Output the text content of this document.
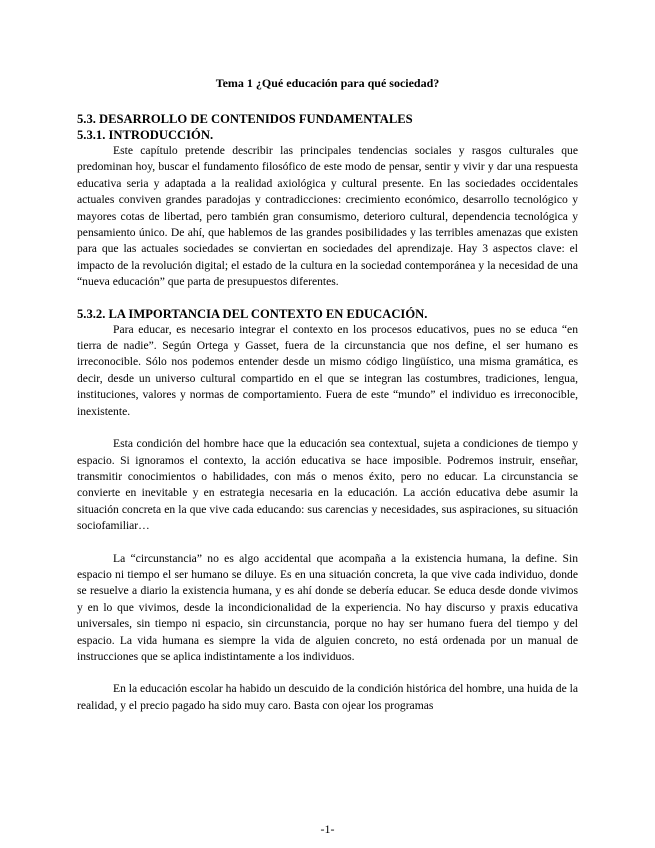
Tema 1 ¿Qué educación para qué sociedad?
5.3. DESARROLLO DE CONTENIDOS FUNDAMENTALES
5.3.1. INTRODUCCIÓN.

Este capítulo pretende describir las principales tendencias sociales y rasgos culturales que predominan hoy, buscar el fundamento filosófico de este modo de pensar, sentir y vivir y dar una respuesta educativa seria y adaptada a la realidad axiológica y cultural presente. En las sociedades occidentales actuales conviven grandes paradojas y contradicciones: crecimiento económico, desarrollo tecnológico y mayores cotas de libertad, pero también gran consumismo, deterioro cultural, dependencia tecnológica y pensamiento único. De ahí, que hablemos de las grandes posibilidades y las terribles amenazas que existen para que las actuales sociedades se conviertan en sociedades del aprendizaje. Hay 3 aspectos clave: el impacto de la revolución digital; el estado de la cultura en la sociedad contemporánea y la necesidad de una “nueva educación” que parta de presupuestos diferentes.

5.3.2. LA IMPORTANCIA DEL CONTEXTO EN EDUCACIÓN.

Para educar, es necesario integrar el contexto en los procesos educativos, pues no se educa “en tierra de nadie”. Según Ortega y Gasset, fuera de la circunstancia que nos define, el ser humano es irreconocible. Sólo nos podemos entender desde un mismo código lingüístico, una misma gramática, es decir, desde un universo cultural compartido en el que se integran las costumbres, tradiciones, lengua, instituciones, valores y normas de comportamiento. Fuera de este “mundo” el individuo es irreconocible, inexistente.

Esta condición del hombre hace que la educación sea contextual, sujeta a condiciones de tiempo y espacio. Si ignoramos el contexto, la acción educativa se hace imposible. Podremos instruir, enseñar, transmitir conocimientos o habilidades, con más o menos éxito, pero no educar. La circunstancia se convierte en inevitable y en estrategia necesaria en la educación. La acción educativa debe asumir la situación concreta en la que vive cada educando: sus carencias y necesidades, sus aspiraciones, su situación sociofamiliar…

La “circunstancia” no es algo accidental que acompaña a la existencia humana, la define. Sin espacio ni tiempo el ser humano se diluye. Es en una situación concreta, la que vive cada individuo, donde se resuelve a diario la existencia humana, y es ahí donde se debería educar. Se educa desde donde vivimos y en lo que vivimos, desde la incondicionalidad de la experiencia. No hay discurso y praxis educativa universales, sin tiempo ni espacio, sin circunstancia, porque no hay ser humano fuera del tiempo y del espacio. La vida humana es siempre la vida de alguien concreto, no está ordenada por un manual de instrucciones que se aplica indistintamente a los individuos.

En la educación escolar ha habido un descuido de la condición histórica del hombre, una huida de la realidad, y el precio pagado ha sido muy caro. Basta con ojear los programas

-1-
